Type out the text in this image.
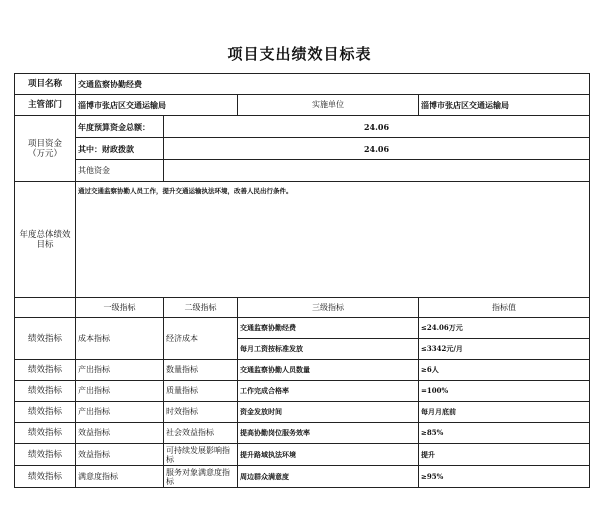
项目支出绩效目标表
项目名称	交通监察协勤经费			
主管部门	淄博市张店区交通运输局		实施单位	淄博市张店区交通运输局
项目资金
（万元）	年度预算资金总额：	24.06		
	其中：财政拨款	24.06		
	其他资金			
年度总体绩效目标	通过交通监察协勤人员工作，提升交通运输执法环境，改善人民出行条件。			
	一级指标	二级指标	三级指标	指标值
绩效指标	成本指标	经济成本	交通监察协勤经费	≤24.06万元
			每月工资按标准发放	≤3342元/月
绩效指标	产出指标	数量指标	交通监察协勤人员数量	≥6人
绩效指标	产出指标	质量指标	工作完成合格率	=100%
绩效指标	产出指标	时效指标	资金发放时间	每月月底前
绩效指标	效益指标	社会效益指标	提高协勤岗位服务效率	≥85%
绩效指标	效益指标	可持续发展影响指标	提升路域执法环境	提升
绩效指标	满意度指标	服务对象满意度指标	周边群众满意度	≥95%
